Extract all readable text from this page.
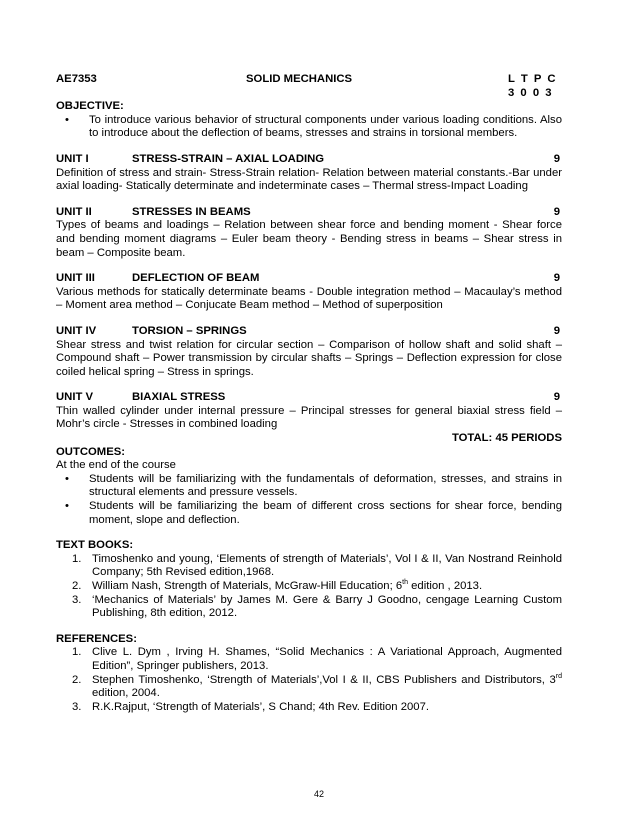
AE7353	SOLID MECHANICS	L T P C
3 0 0 3
OBJECTIVE:
• To introduce various behavior of structural components under various loading conditions. Also to introduce about the deflection of beams, stresses and strains in torsional members.
UNIT I	STRESS-STRAIN – AXIAL LOADING	9
Definition of stress and strain- Stress-Strain relation- Relation between material constants.-Bar under axial loading- Statically determinate and indeterminate cases – Thermal stress-Impact Loading
UNIT II	STRESSES IN BEAMS	9
Types of beams and loadings – Relation between shear force and bending moment - Shear force and bending moment diagrams – Euler beam theory - Bending stress in beams – Shear stress in beam – Composite beam.
UNIT III	DEFLECTION OF BEAM	9
Various methods for statically determinate beams - Double integration method – Macaulay’s method – Moment area method – Conjucate Beam method – Method of superposition
UNIT IV	TORSION – SPRINGS	9
Shear stress and twist relation for circular section – Comparison of hollow shaft and solid shaft – Compound shaft – Power transmission by circular shafts – Springs – Deflection expression for close coiled helical spring – Stress in springs.
UNIT V	BIAXIAL STRESS	9
Thin walled cylinder under internal pressure – Principal stresses for general biaxial stress field – Mohr’s circle - Stresses in combined loading
TOTAL: 45 PERIODS
OUTCOMES:
At the end of the course
• Students will be familiarizing with the fundamentals of deformation, stresses, and strains in structural elements and pressure vessels.
• Students will be familiarizing the beam of different cross sections for shear force, bending moment, slope and deflection.
TEXT BOOKS:
1. Timoshenko and young, ‘Elements of strength of Materials’, Vol I & II, Van Nostrand Reinhold Company; 5th Revised edition,1968.
2. William Nash, Strength of Materials, McGraw-Hill Education; 6th edition , 2013.
3. ‘Mechanics of Materials’ by James M. Gere & Barry J Goodno, cengage Learning Custom Publishing, 8th edition, 2012.
REFERENCES:
1. Clive L. Dym , Irving H. Shames, “Solid Mechanics : A Variational Approach, Augmented Edition”, Springer publishers, 2013.
2. Stephen Timoshenko, ‘Strength of Materials’,Vol I & II, CBS Publishers and Distributors, 3rd edition, 2004.
3. R.K.Rajput, ‘Strength of Materials’, S Chand; 4th Rev. Edition 2007.
42
